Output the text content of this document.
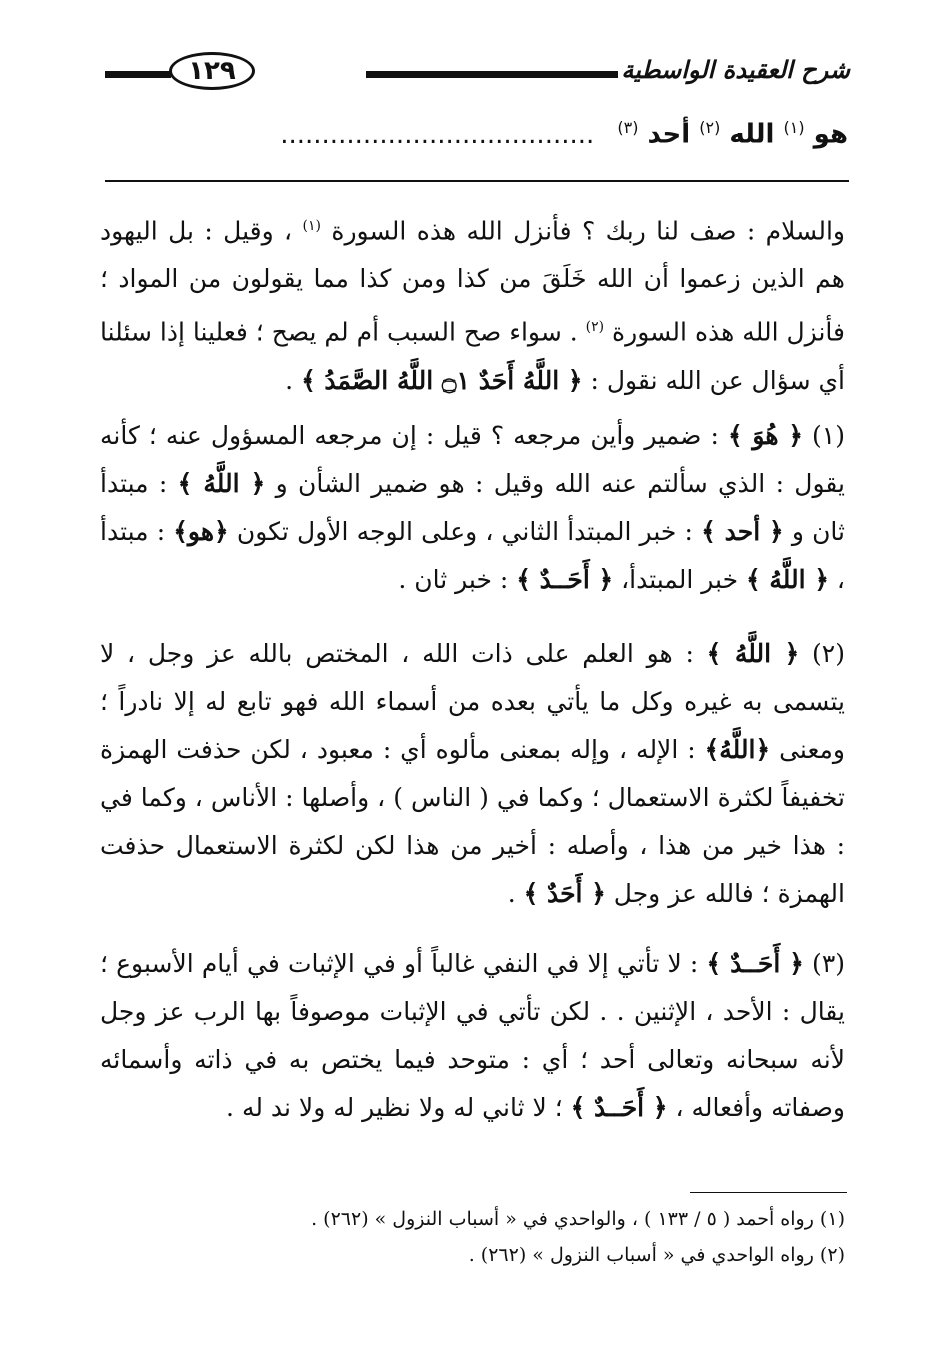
شرح العقيدة الواسطية
١٢٩
هو $^{(١)}$ الله $^{(٢)}$ أحد $^{(٣)}$ ......................................

والسلام : صف لنا ربك ؟ فأنزل الله هذه السورة $^{(١)}$ ، وقيل : بل اليهود هم الذين زعموا أن الله خَلَقَ من كذا ومن كذا مما يقولون من المواد ؛ فأنزل الله هذه السورة $^{(٢)}$ . سواء صح السبب أم لم يصح ؛ فعلينا إذا سئلنا أي سؤال عن الله نقول : ﴿ اللَّهُ أَحَدٌ ۝١ اللَّهُ الصَّمَدُ ﴾ .

(١) ﴿ هُوَ ﴾ : ضمير وأين مرجعه ؟ قيل : إن مرجعه المسؤول عنه ؛ كأنه يقول : الذي سألتم عنه الله وقيل : هو ضمير الشأن و ﴿ اللَّهُ ﴾ : مبتدأ ثان و ﴿ أحد ﴾ : خبر المبتدأ الثاني ، وعلى الوجه الأول تكون ﴿هو﴾ : مبتدأ ، ﴿ اللَّهُ ﴾ خبر المبتدأ، ﴿ أَحَــدٌ ﴾ : خبر ثان .

(٢) ﴿ اللَّهُ ﴾ : هو العلم على ذات الله ، المختص بالله عز وجل ، لا يتسمى به غيره وكل ما يأتي بعده من أسماء الله فهو تابع له إلا نادراً ؛ ومعنى ﴿اللَّهُ﴾ : الإله ، وإله بمعنى مألوه أي : معبود ، لكن حذفت الهمزة تخفيفاً لكثرة الاستعمال ؛ وكما في ( الناس ) ، وأصلها : الأناس ، وكما في : هذا خير من هذا ، وأصله : أخير من هذا لكن لكثرة الاستعمال حذفت الهمزة ؛ فالله عز وجل ﴿ أَحَدٌ ﴾ .

(٣) ﴿ أَحَــدٌ ﴾ : لا تأتي إلا في النفي غالباً أو في الإثبات في أيام الأسبوع ؛ يقال : الأحد ، الإثنين . . لكن تأتي في الإثبات موصوفاً بها الرب عز وجل لأنه سبحانه وتعالى أحد ؛ أي : متوحد فيما يختص به في ذاته وأسمائه وصفاته وأفعاله ، ﴿ أَحَــدٌ ﴾ ؛ لا ثاني له ولا نظير له ولا ند له .

(١) رواه أحمد ( ٥ / ١٣٣ ) ، والواحدي في « أسباب النزول » (٢٦٢) .
(٢) رواه الواحدي في « أسباب النزول » (٢٦٢) .
